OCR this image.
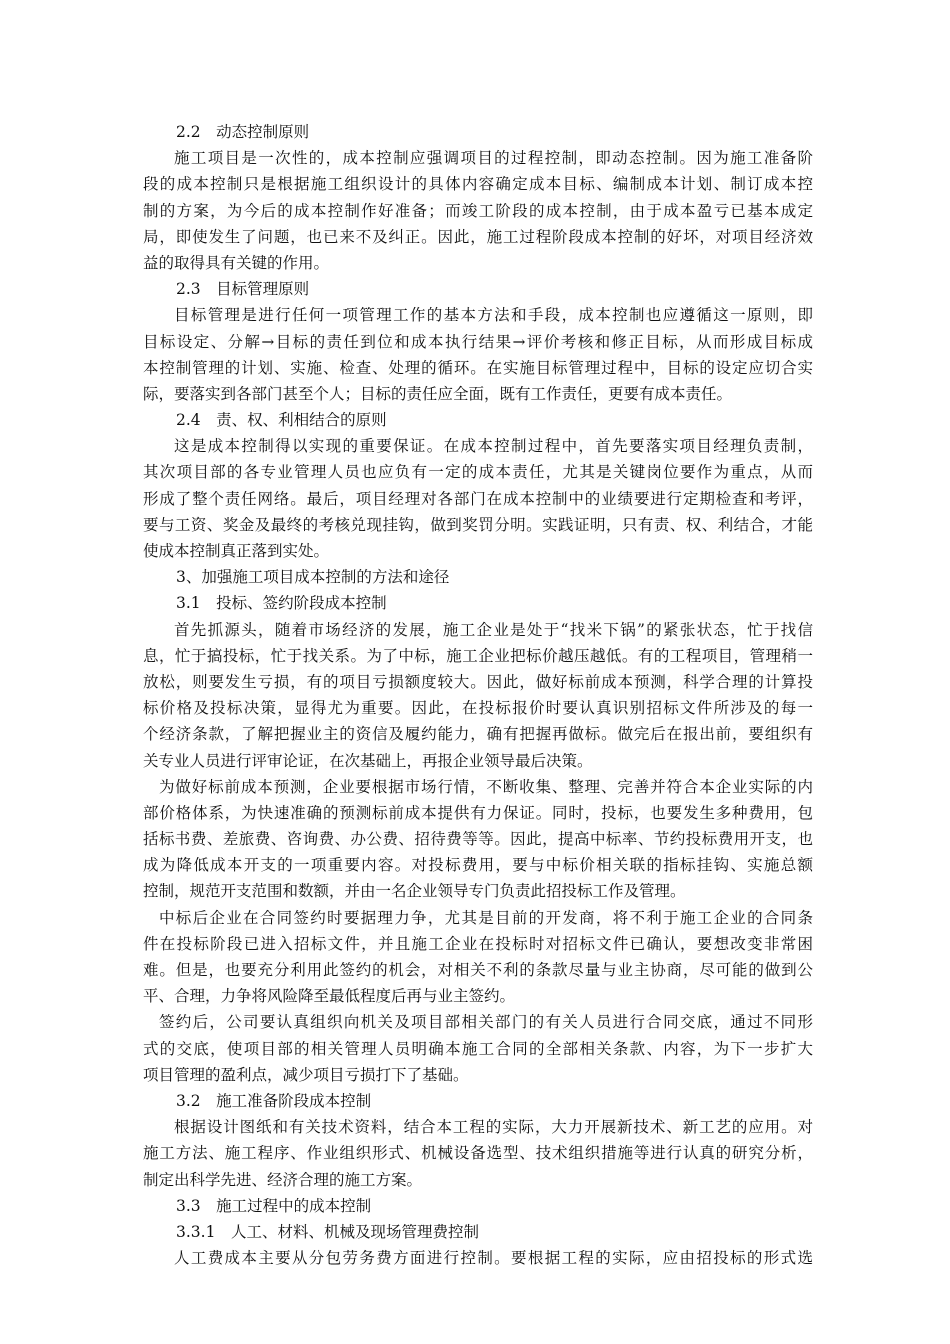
2.2　动态控制原则
施工项目是一次性的，成本控制应强调项目的过程控制，即动态控制。因为施工准备阶
段的成本控制只是根据施工组织设计的具体内容确定成本目标、编制成本计划、制订成本控
制的方案，为今后的成本控制作好准备；而竣工阶段的成本控制，由于成本盈亏已基本成定
局，即使发生了问题，也已来不及纠正。因此，施工过程阶段成本控制的好坏，对项目经济效
益的取得具有关键的作用。
2.3　目标管理原则
目标管理是进行任何一项管理工作的基本方法和手段，成本控制也应遵循这一原则，即
目标设定、分解→目标的责任到位和成本执行结果→评价考核和修正目标，从而形成目标成
本控制管理的计划、实施、检查、处理的循环。在实施目标管理过程中，目标的设定应切合实
际，要落实到各部门甚至个人；目标的责任应全面，既有工作责任，更要有成本责任。
2.4　责、权、利相结合的原则
这是成本控制得以实现的重要保证。在成本控制过程中，首先要落实项目经理负责制，
其次项目部的各专业管理人员也应负有一定的成本责任，尤其是关键岗位要作为重点，从而
形成了整个责任网络。最后，项目经理对各部门在成本控制中的业绩要进行定期检查和考评，
要与工资、奖金及最终的考核兑现挂钩，做到奖罚分明。实践证明，只有责、权、利结合，才能
使成本控制真正落到实处。
3、加强施工项目成本控制的方法和途径
3.1　投标、签约阶段成本控制
首先抓源头，随着市场经济的发展，施工企业是处于“找米下锅”的紧张状态，忙于找信
息，忙于搞投标，忙于找关系。为了中标，施工企业把标价越压越低。有的工程项目，管理稍一
放松，则要发生亏损，有的项目亏损额度较大。因此，做好标前成本预测，科学合理的计算投
标价格及投标决策，显得尤为重要。因此，在投标报价时要认真识别招标文件所涉及的每一
个经济条款，了解把握业主的资信及履约能力，确有把握再做标。做完后在报出前，要组织有
关专业人员进行评审论证，在次基础上，再报企业领导最后决策。
为做好标前成本预测，企业要根据市场行情，不断收集、整理、完善并符合本企业实际的内
部价格体系，为快速准确的预测标前成本提供有力保证。同时，投标，也要发生多种费用，包
括标书费、差旅费、咨询费、办公费、招待费等等。因此，提高中标率、节约投标费用开支，也
成为降低成本开支的一项重要内容。对投标费用，要与中标价相关联的指标挂钩、实施总额
控制，规范开支范围和数额，并由一名企业领导专门负责此招投标工作及管理。
中标后企业在合同签约时要据理力争，尤其是目前的开发商，将不利于施工企业的合同条
件在投标阶段已进入招标文件，并且施工企业在投标时对招标文件已确认，要想改变非常困
难。但是，也要充分利用此签约的机会，对相关不利的条款尽量与业主协商，尽可能的做到公
平、合理，力争将风险降至最低程度后再与业主签约。
签约后，公司要认真组织向机关及项目部相关部门的有关人员进行合同交底，通过不同形
式的交底，使项目部的相关管理人员明确本施工合同的全部相关条款、内容，为下一步扩大
项目管理的盈利点，减少项目亏损打下了基础。
3.2　施工准备阶段成本控制
根据设计图纸和有关技术资料，结合本工程的实际，大力开展新技术、新工艺的应用。对
施工方法、施工程序、作业组织形式、机械设备选型、技术组织措施等进行认真的研究分析，
制定出科学先进、经济合理的施工方案。
3.3　施工过程中的成本控制
3.3.1　人工、材料、机械及现场管理费控制
人工费成本主要从分包劳务费方面进行控制。要根据工程的实际，应由招投标的形式选
